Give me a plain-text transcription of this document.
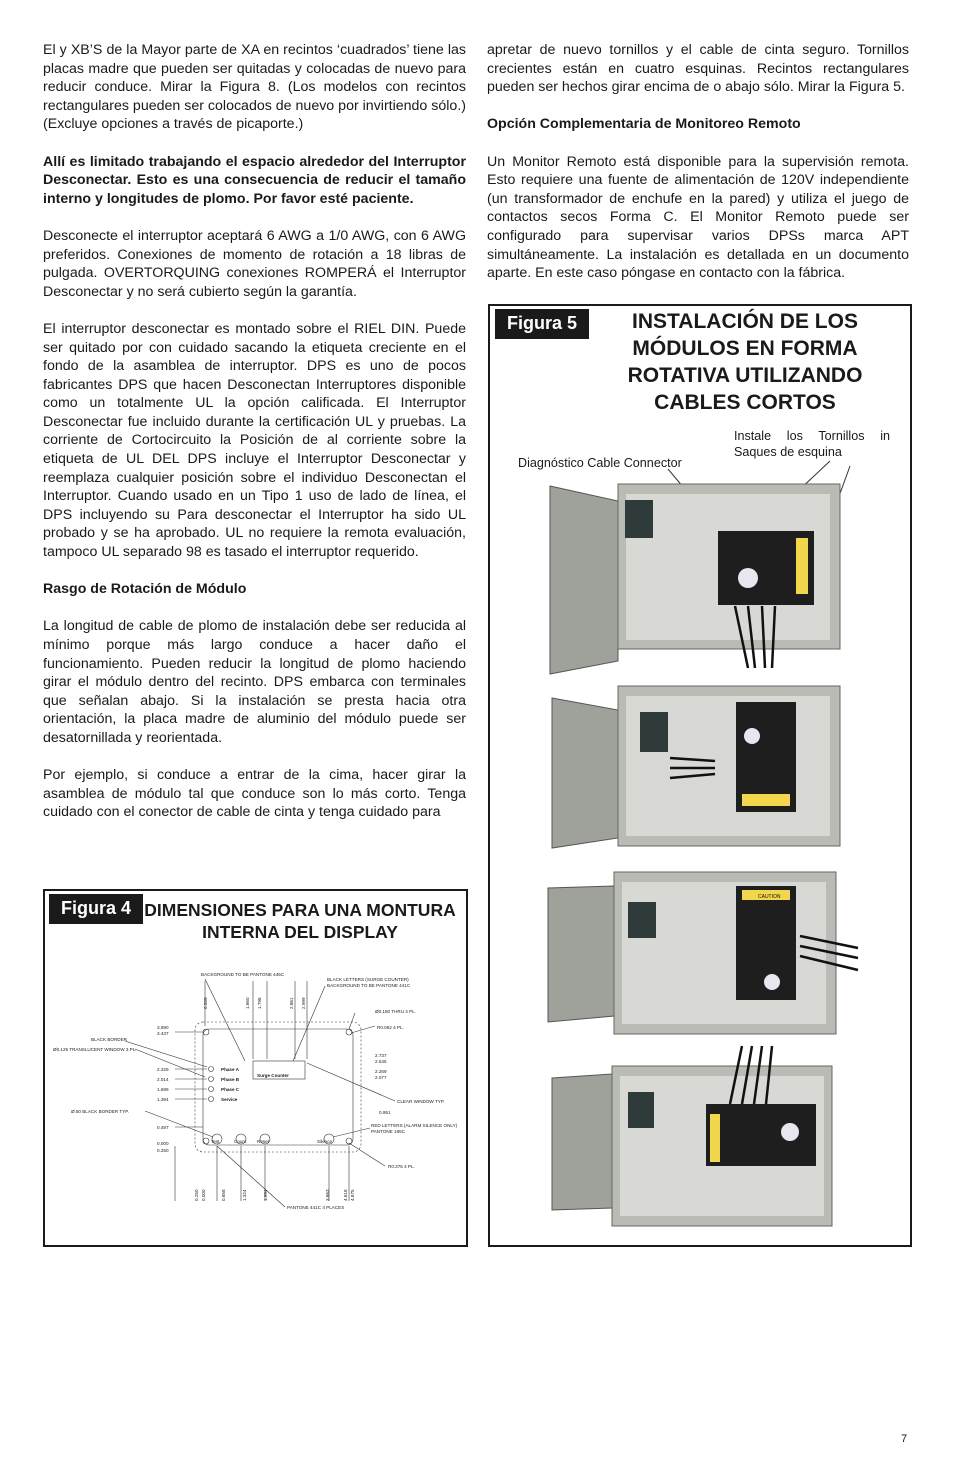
El y XB’S de la Mayor parte de XA en recintos ‘cuadrados’ tiene las placas madre que pueden ser quitadas y colocadas de nuevo para reducir conduce. Mirar la Figura 8. (Los modelos con recintos rectangulares pueden ser colocados de nuevo por invirtiendo sólo.) (Excluye opciones a través de picaporte.)

Allí es limitado trabajando el espacio alrededor del Interruptor Desconectar. Esto es una consecuencia de reducir el tamaño interno y longitudes de plomo. Por favor esté paciente.

Desconecte el interruptor aceptará 6 AWG a 1/0 AWG, con 6 AWG preferidos. Conexiones de momento de rotación a 18 libras de pulgada. OVERTORQUING conexiones ROMPERÁ el Interruptor Desconectar y no será cubierto según la garantía.

El interruptor desconectar es montado sobre el RIEL DIN. Puede ser quitado por con cuidado sacando la etiqueta creciente en el fondo de la asamblea de interruptor. DPS es uno de pocos fabricantes DPS que hacen Desconectan Interruptores disponible como un totalmente UL la opción calificada. El Interruptor Desconectar fue incluido durante la certificación UL y pruebas. La corriente de Cortocircuito la Posición de al corriente sobre la etiqueta de UL DEL DPS incluye el Interruptor Desconectar y reemplaza cualquier posición sobre el individuo Desconectan el Interruptor. Cuando usado en un Tipo 1 uso de lado de línea, el DPS incluyendo su Para desconectar el Interruptor ha sido UL probado y se ha aprobado. UL no requiere la remota evaluación, tampoco UL separado 98 es tasado el interruptor requerido.

Rasgo de Rotación de Módulo

La longitud de cable de plomo de instalación debe ser reducida al mínimo porque más largo conduce a hacer daño el funcionamiento. Pueden reducir la longitud de plomo haciendo girar el módulo dentro del recinto. DPS embarca con terminales que señalan abajo. Si la instalación se presta hacia otra orientación, la placa madre de aluminio del módulo puede ser desatornillada y reorientada.

Por ejemplo, si conduce a entrar de la cima, hacer girar la asamblea de módulo tal que conduce son lo más corto. Tenga cuidado con el conector de cable de cinta y tenga cuidado para

apretar de nuevo tornillos y el cable de cinta seguro. Tornillos crecientes están en cuatro esquinas. Recintos rectangulares pueden ser hechos girar encima de o abajo sólo. Mirar la Figura 5.

Opción Complementaria de Monitoreo Remoto

Un Monitor Remoto está disponible para la supervisión remota. Esto requiere una fuente de alimentación de 120V independiente (un transformador de enchufe en la pared) y utiliza el juego de contactos secos Forma C. El Monitor Remoto puede ser configurado para supervisar varios DPSs marca APT simultáneamente. La instalación es detallada en un documento aparte. En este caso póngase en contacto con la fábrica.

Figura 4 DIMENSIONES PARA UNA MONTURA INTERNA DEL DISPLAY
BACKGROUND TO BE PANTONE 445C
BLACK LETTERS (SURGE COUNTER)
BACKGROUND TO BE PANTONE 441C
BLACK BORDER
Ø0.125 TRANSLUCENT WINDOW 3 PL.
Ø0.180 THRU 4 PL.
R0.062 4 PL.
CLEAR WINDOW TYP.
Ø.50 BLACK BORDER TYP.
RED LETTERS (ALARM SILENCE ONLY)
PANTONE 185C
R0.375 4 PL.
PANTONE 441C 4 PLACES
Phase A
Phase B
Phase C
Service
Surge Counter
Test	Count Reset	Silence
3.690
3.437
2.329
2.014
1.699
1.384
0.497
0.000
0.250
2.737
2.545
2.269
2.077
0.951
0.559	1.660 1.798	2.861 2.999
0.250 0.000	0.658	1.324	1.994	3.663	4.618 4.875
Figura 5	INSTALACIÓN DE LOS MÓDULOS EN FORMA ROTATIVA UTILIZANDO CABLES CORTOS
Instale los Tornillos in Saques de esquina
Diagnóstico Cable Connector
CAUTION
7
